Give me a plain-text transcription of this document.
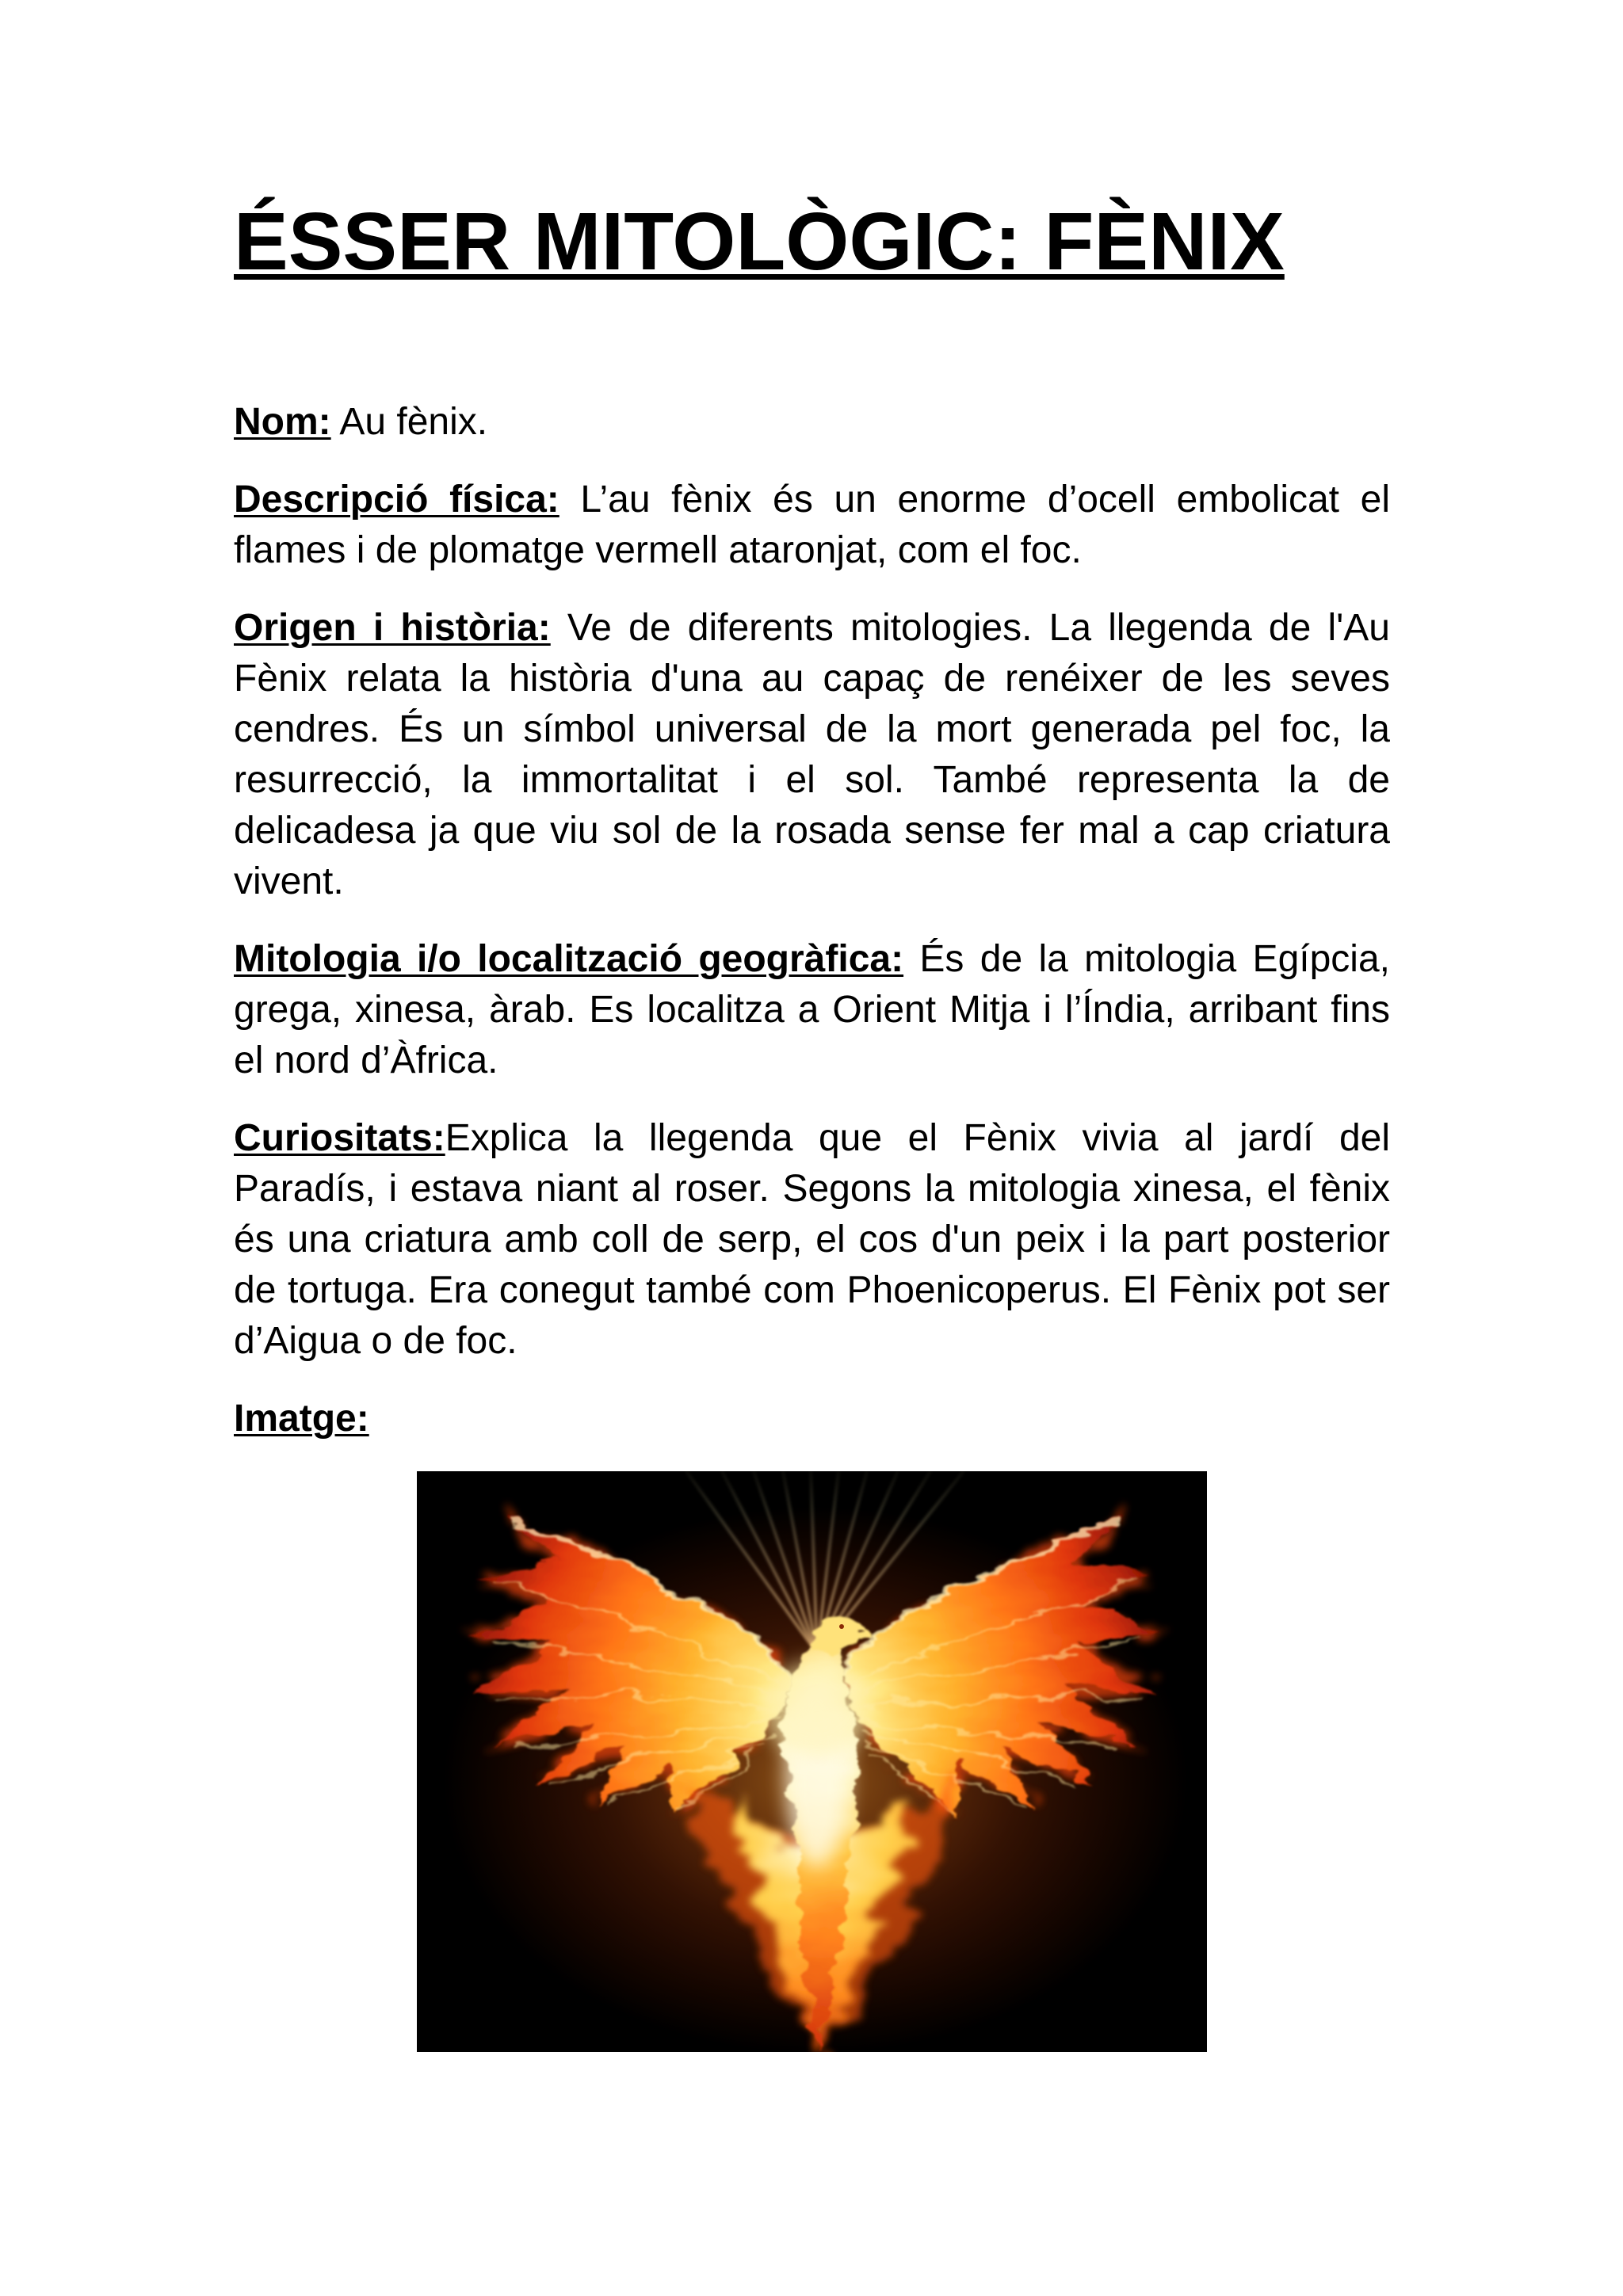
ÉSSER MITOLÒGIC: FÈNIX

Nom: Au fènix.

Descripció física: L’au fènix és un enorme d’ocell embolicat el flames i de plomatge vermell ataronjat, com el foc.

Origen i història: Ve de diferents mitologies. La llegenda de l'Au Fènix relata la història d'una au capaç de renéixer de les seves cendres. És un símbol universal de la mort generada pel foc, la resurrecció, la immortalitat i el sol. També representa la de delicadesa ja que viu sol de la rosada sense fer mal a cap criatura vivent.

Mitologia i/o localització geogràfica: És de la mitologia Egípcia, grega, xinesa, àrab. Es localitza a Orient Mitja i l’Índia, arribant fins el nord d’Àfrica.

Curiositats:Explica la llegenda que el Fènix vivia al jardí del Paradís, i estava niant al roser. Segons la mitologia xinesa, el fènix és una criatura amb coll de serp, el cos d'un peix i la part posterior de tortuga. Era conegut també com Phoenicoperus. El Fènix pot ser d’Aigua o de foc.

Imatge:
